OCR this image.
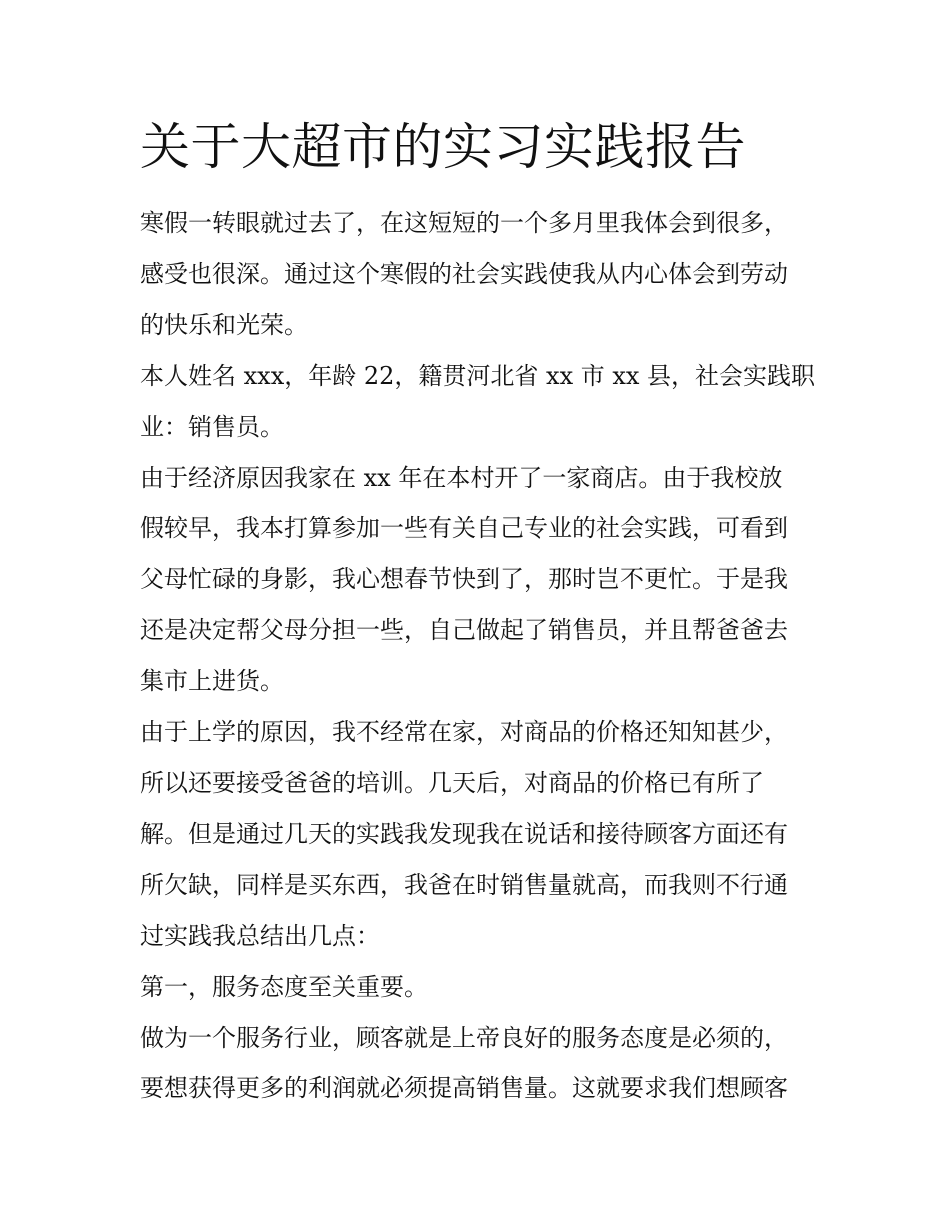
关于大超市的实习实践报告

寒假一转眼就过去了，在这短短的一个多月里我体会到很多，
感受也很深。通过这个寒假的社会实践使我从内心体会到劳动
的快乐和光荣。

本人姓名 xxx，年龄 22，籍贯河北省 xx 市 xx 县，社会实践职
业：销售员。

由于经济原因我家在 xx 年在本村开了一家商店。由于我校放
假较早，我本打算参加一些有关自己专业的社会实践，可看到
父母忙碌的身影，我心想春节快到了，那时岂不更忙。于是我
还是决定帮父母分担一些，自己做起了销售员，并且帮爸爸去
集市上进货。

由于上学的原因，我不经常在家，对商品的价格还知知甚少，
所以还要接受爸爸的培训。几天后，对商品的价格已有所了
解。但是通过几天的实践我发现我在说话和接待顾客方面还有
所欠缺，同样是买东西，我爸在时销售量就高，而我则不行通
过实践我总结出几点：

第一，服务态度至关重要。

做为一个服务行业，顾客就是上帝良好的服务态度是必须的，
要想获得更多的利润就必须提高销售量。这就要求我们想顾客
